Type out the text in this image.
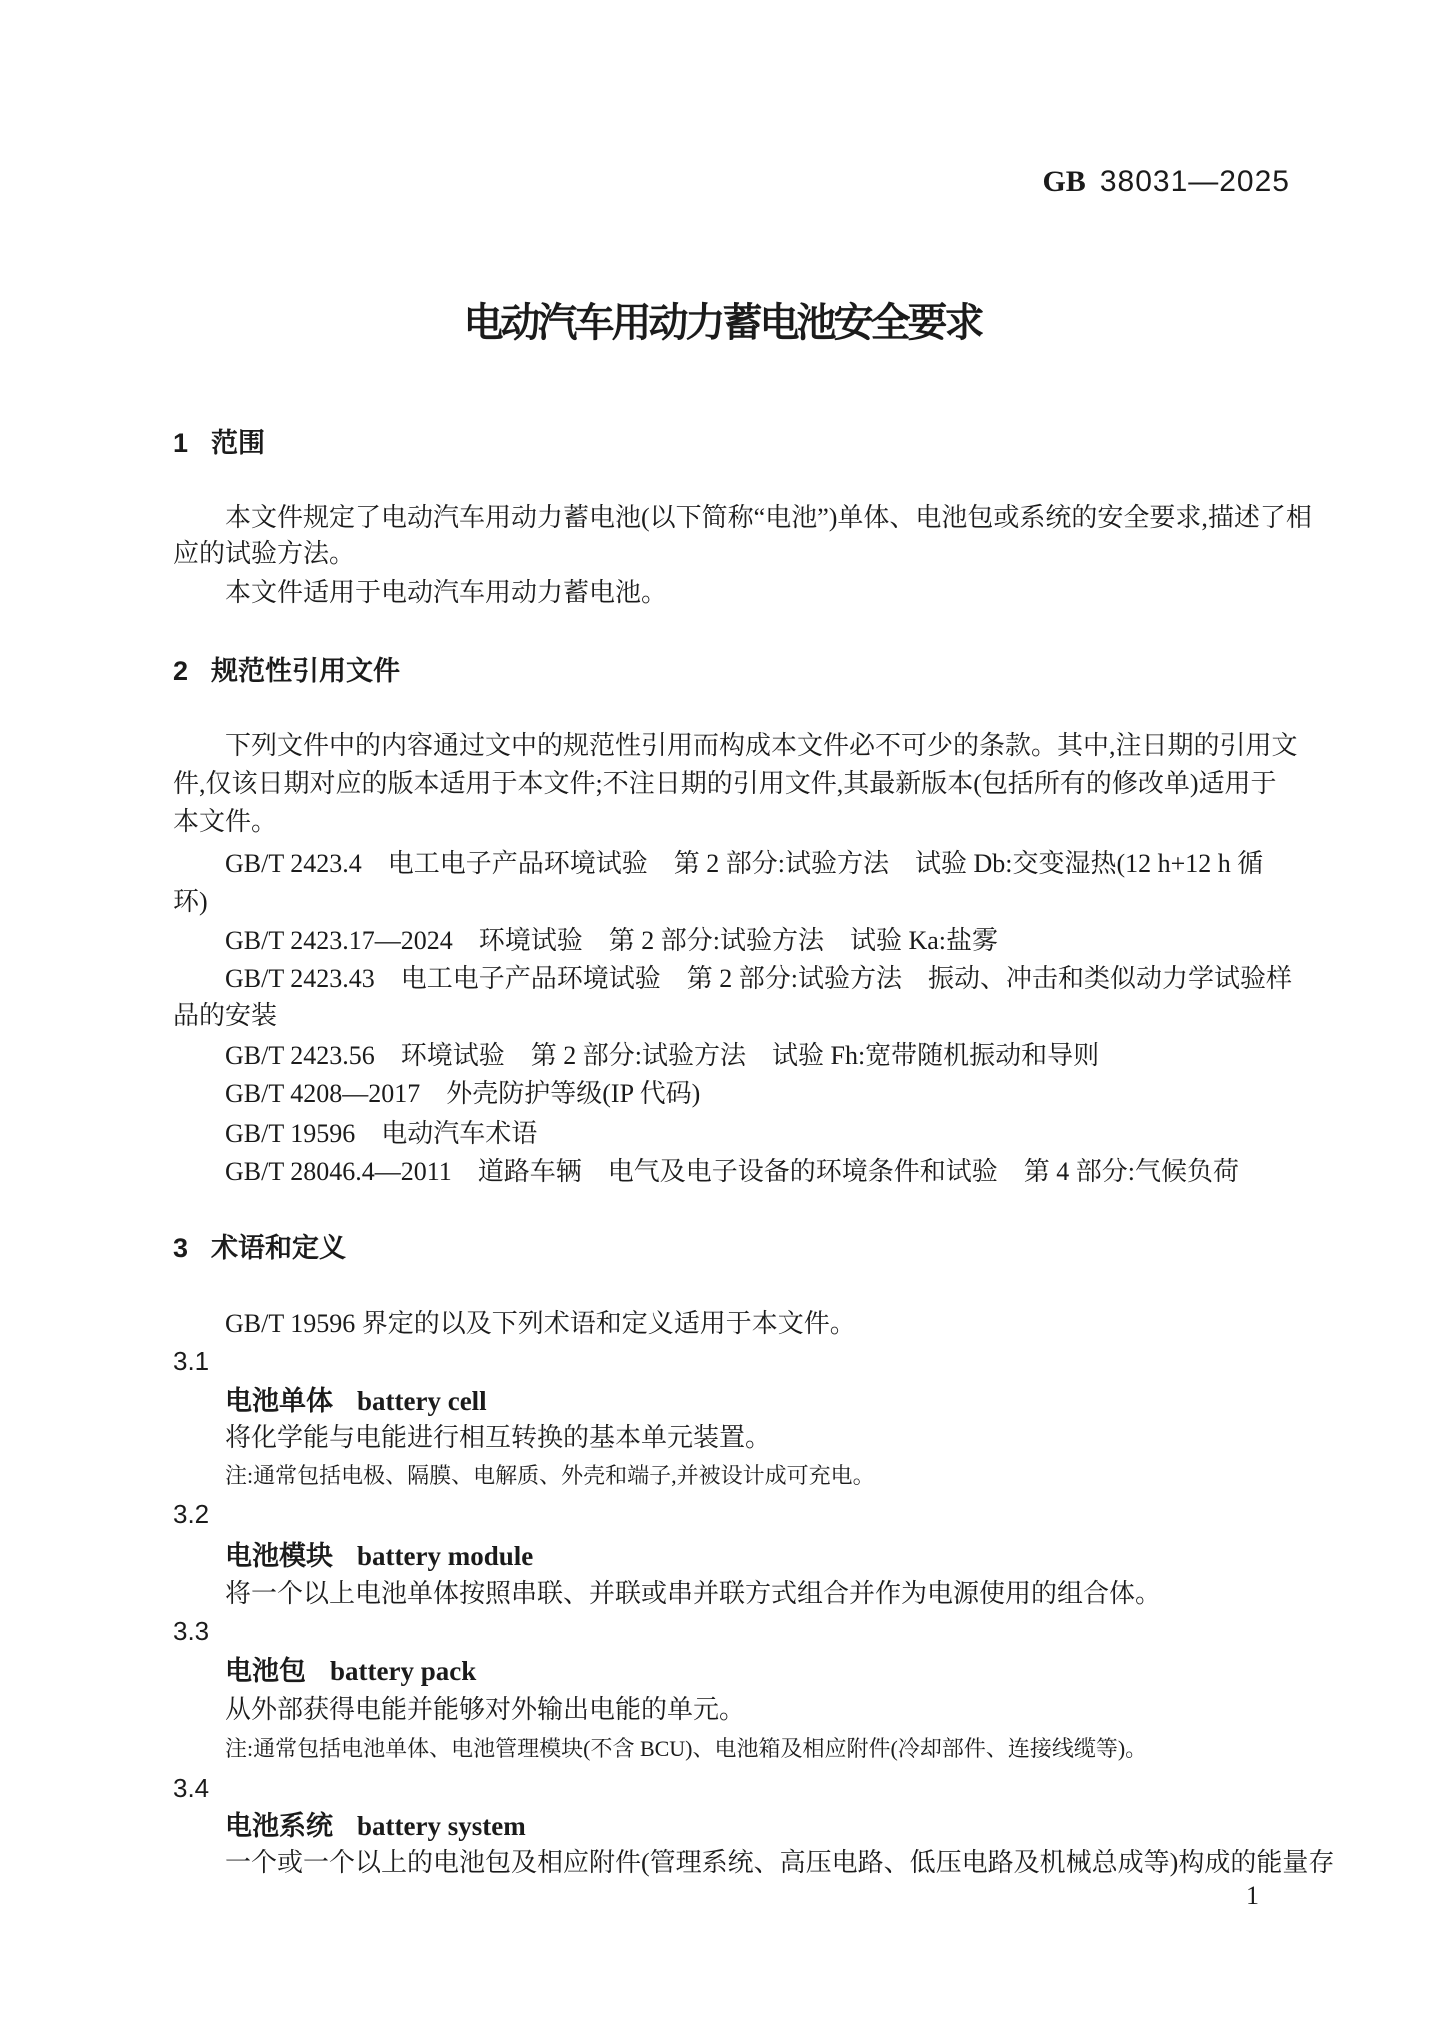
GB 38031—2025
电动汽车用动力蓄电池安全要求
1 范围
本文件规定了电动汽车用动力蓄电池(以下简称“电池”)单体、电池包或系统的安全要求,描述了相
应的试验方法。
本文件适用于电动汽车用动力蓄电池。
2 规范性引用文件
下列文件中的内容通过文中的规范性引用而构成本文件必不可少的条款。其中,注日期的引用文
件,仅该日期对应的版本适用于本文件;不注日期的引用文件,其最新版本(包括所有的修改单)适用于
本文件。
GB/T 2423.4　电工电子产品环境试验　第 2 部分:试验方法　试验 Db:交变湿热(12 h+12 h 循
环)
GB/T 2423.17—2024　环境试验　第 2 部分:试验方法　试验 Ka:盐雾
GB/T 2423.43　电工电子产品环境试验　第 2 部分:试验方法　振动、冲击和类似动力学试验样
品的安装
GB/T 2423.56　环境试验　第 2 部分:试验方法　试验 Fh:宽带随机振动和导则
GB/T 4208—2017　外壳防护等级(IP 代码)
GB/T 19596　电动汽车术语
GB/T 28046.4—2011　道路车辆　电气及电子设备的环境条件和试验　第 4 部分:气候负荷
3 术语和定义
GB/T 19596 界定的以及下列术语和定义适用于本文件。
3.1
电池单体 battery cell
将化学能与电能进行相互转换的基本单元装置。
注:通常包括电极、隔膜、电解质、外壳和端子,并被设计成可充电。
3.2
电池模块 battery module
将一个以上电池单体按照串联、并联或串并联方式组合并作为电源使用的组合体。
3.3
电池包 battery pack
从外部获得电能并能够对外输出电能的单元。
注:通常包括电池单体、电池管理模块(不含 BCU)、电池箱及相应附件(冷却部件、连接线缆等)。
3.4
电池系统 battery system
一个或一个以上的电池包及相应附件(管理系统、高压电路、低压电路及机械总成等)构成的能量存
1
